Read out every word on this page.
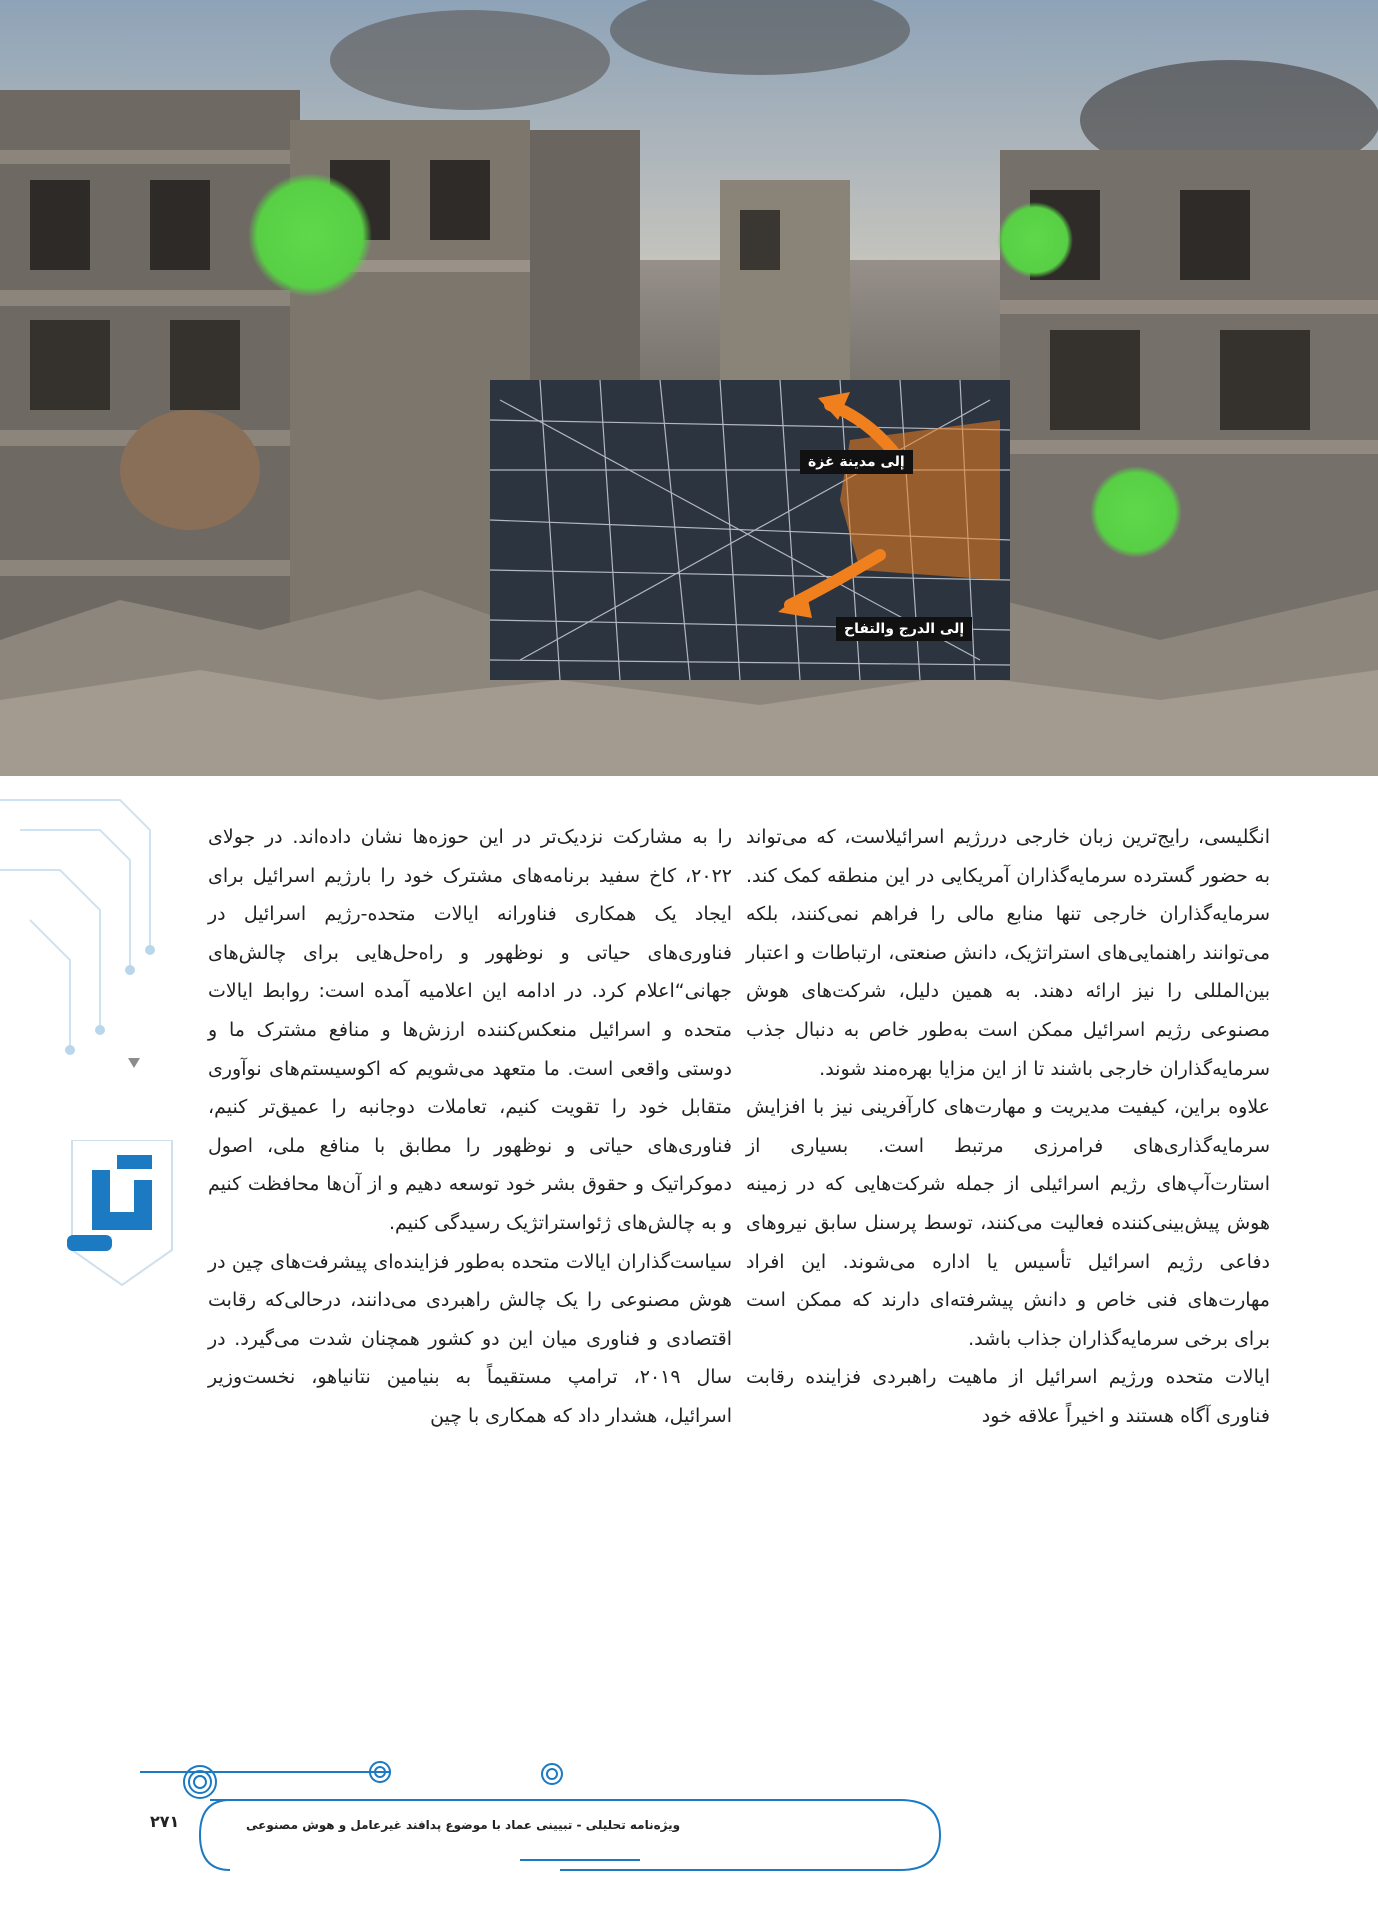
إلى مدينة غزة
إلى الدرج والتفاح

انگلیسی، رایج‌ترین زبان خارجی دررژیم اسرائیلاست، که می‌تواند به حضور گسترده سرمایه‌گذاران آمریکایی در این منطقه کمک کند. سرمایه‌گذاران خارجی تنها منابع مالی را فراهم نمی‌کنند، بلکه می‌توانند راهنمایی‌های استراتژیک، دانش صنعتی، ارتباطات و اعتبار بین‌المللی را نیز ارائه دهند. به همین دلیل، شرکت‌های هوش مصنوعی رژیم اسرائیل ممکن است به‌طور خاص به دنبال جذب سرمایه‌گذاران خارجی باشند تا از این مزایا بهره‌مند شوند.

علاوه براین، کیفیت مدیریت و مهارت‌های کارآفرینی نیز با افزایش سرمایه‌گذاری‌های فرامرزی مرتبط است. بسیاری از استارت‌آپ‌های رژیم اسرائیلی از جمله شرکت‌هایی که در زمینه هوش پیش‌بینی‌کننده فعالیت می‌کنند، توسط پرسنل سابق نیروهای دفاعی رژیم اسرائیل تأسیس یا اداره می‌شوند. این افراد مهارت‌های فنی خاص و دانش پیشرفته‌ای دارند که ممکن است برای برخی سرمایه‌گذاران جذاب باشد.

ایالات متحده ورژیم اسرائیل از ماهیت راهبردی فزاینده رقابت فناوری آگاه هستند و اخیراً علاقه خود

را به مشارکت نزدیک‌تر در این حوزه‌ها نشان داده‌اند. در جولای ۲۰۲۲، کاخ سفید برنامه‌های مشترک خود را بارژیم اسرائیل برای ایجاد یک همکاری فناورانه ایالات متحده-رژیم اسرائیل در فناوری‌های حیاتی و نوظهور و راه‌حل‌هایی برای چالش‌های جهانی“اعلام کرد. در ادامه این اعلامیه آمده است: روابط ایالات متحده و اسرائیل منعکس‌کننده ارزش‌ها و منافع مشترک ما و دوستی واقعی است. ما متعهد می‌شویم که اکوسیستم‌های نوآوری متقابل خود را تقویت کنیم، تعاملات دوجانبه را عمیق‌تر کنیم، فناوری‌های حیاتی و نوظهور را مطابق با منافع ملی، اصول دموکراتیک و حقوق بشر خود توسعه دهیم و از آن‌ها محافظت کنیم و به چالش‌های ژئواستراتژیک رسیدگی کنیم.

سیاست‌گذاران ایالات متحده به‌طور فزاینده‌ای پیشرفت‌های چین در هوش مصنوعی را یک چالش راهبردی می‌دانند، درحالی‌که رقابت اقتصادی و فناوری میان این دو کشور همچنان شدت می‌گیرد. در سال ۲۰۱۹، ترامپ مستقیماً به بنیامین نتانیاهو، نخست‌وزیر اسرائیل، هشدار داد که همکاری با چین

۲۷۱	ویژه‌نامه تحلیلی - تبیینی عماد با موضوع پدافند غیرعامل و هوش مصنوعی
